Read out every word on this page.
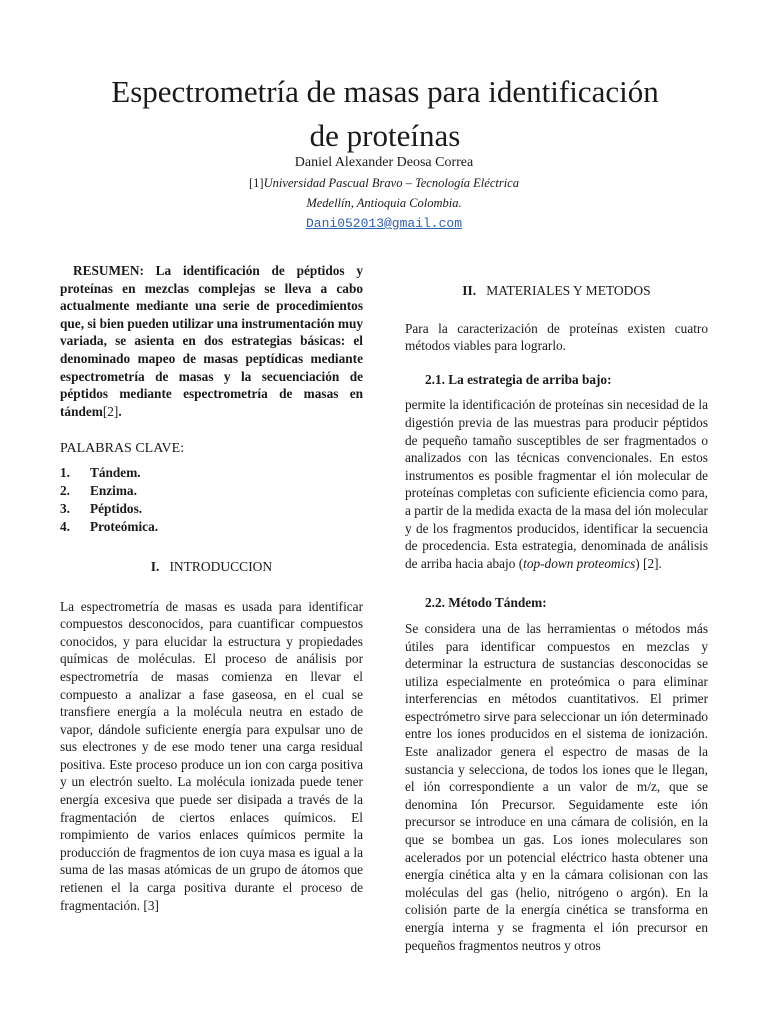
Espectrometría de masas para identificación
de proteínas
Daniel Alexander Deosa Correa
[1]Universidad Pascual Bravo – Tecnología Eléctrica
Medellín, Antioquia Colombia.
Dani052013@gmail.com

RESUMEN: La identificación de péptidos y proteínas en mezclas complejas se lleva a cabo actualmente mediante una serie de procedimientos que, si bien pueden utilizar una instrumentación muy variada, se asienta en dos estrategias básicas: el denominado mapeo de masas peptídicas mediante espectrometría de masas y la secuenciación de péptidos mediante espectrometría de masas en tándem[2].

PALABRAS CLAVE:
1.	Tándem.
2.	Enzima.
3.	Péptidos.
4.	Proteómica.
I. INTRODUCCION

La espectrometría de masas es usada para identificar compuestos desconocidos, para cuantificar compuestos conocidos, y para elucidar la estructura y propiedades químicas de moléculas. El proceso de análisis por espectrometría de masas comienza en llevar el compuesto a analizar a fase gaseosa, en el cual se transfiere energía a la molécula neutra en estado de vapor, dándole suficiente energía para expulsar uno de sus electrones y de ese modo tener una carga residual positiva. Este proceso produce un ion con carga positiva y un electrón suelto. La molécula ionizada puede tener energía excesiva que puede ser disipada a través de la fragmentación de ciertos enlaces químicos. El rompimiento de varios enlaces químicos permite la producción de fragmentos de ion cuya masa es igual a la suma de las masas atómicas de un grupo de átomos que retienen el la carga positiva durante el proceso de fragmentación. [3]

II. MATERIALES Y METODOS

Para la caracterización de proteínas existen cuatro métodos viables para lograrlo.

2.1. La estrategia de arriba bajo:

permite la identificación de proteínas sin necesidad de la digestión previa de las muestras para producir péptidos de pequeño tamaño susceptibles de ser fragmentados o analizados con las técnicas convencionales. En estos instrumentos es posible fragmentar el ión molecular de proteínas completas con suficiente eficiencia como para, a partir de la medida exacta de la masa del ión molecular y de los fragmentos producidos, identificar la secuencia de procedencia. Esta estrategia, denominada de análisis de arriba hacia abajo (top-down proteomics) [2].

2.2. Método Tándem:

Se considera una de las herramientas o métodos más útiles para identificar compuestos en mezclas y determinar la estructura de sustancias desconocidas se utiliza especialmente en proteómica o para eliminar interferencias en métodos cuantitativos. El primer espectrómetro sirve para seleccionar un ión determinado entre los iones producidos en el sistema de ionización. Este analizador genera el espectro de masas de la sustancia y selecciona, de todos los iones que le llegan, el ión correspondiente a un valor de m/z, que se denomina Ión Precursor. Seguidamente este ión precursor se introduce en una cámara de colisión, en la que se bombea un gas. Los iones moleculares son acelerados por un potencial eléctrico hasta obtener una energía cinética alta y en la cámara colisionan con las moléculas del gas (helio, nitrógeno o argón). En la colisión parte de la energía cinética se transforma en energía interna y se fragmenta el ión precursor en pequeños fragmentos neutros y otros
